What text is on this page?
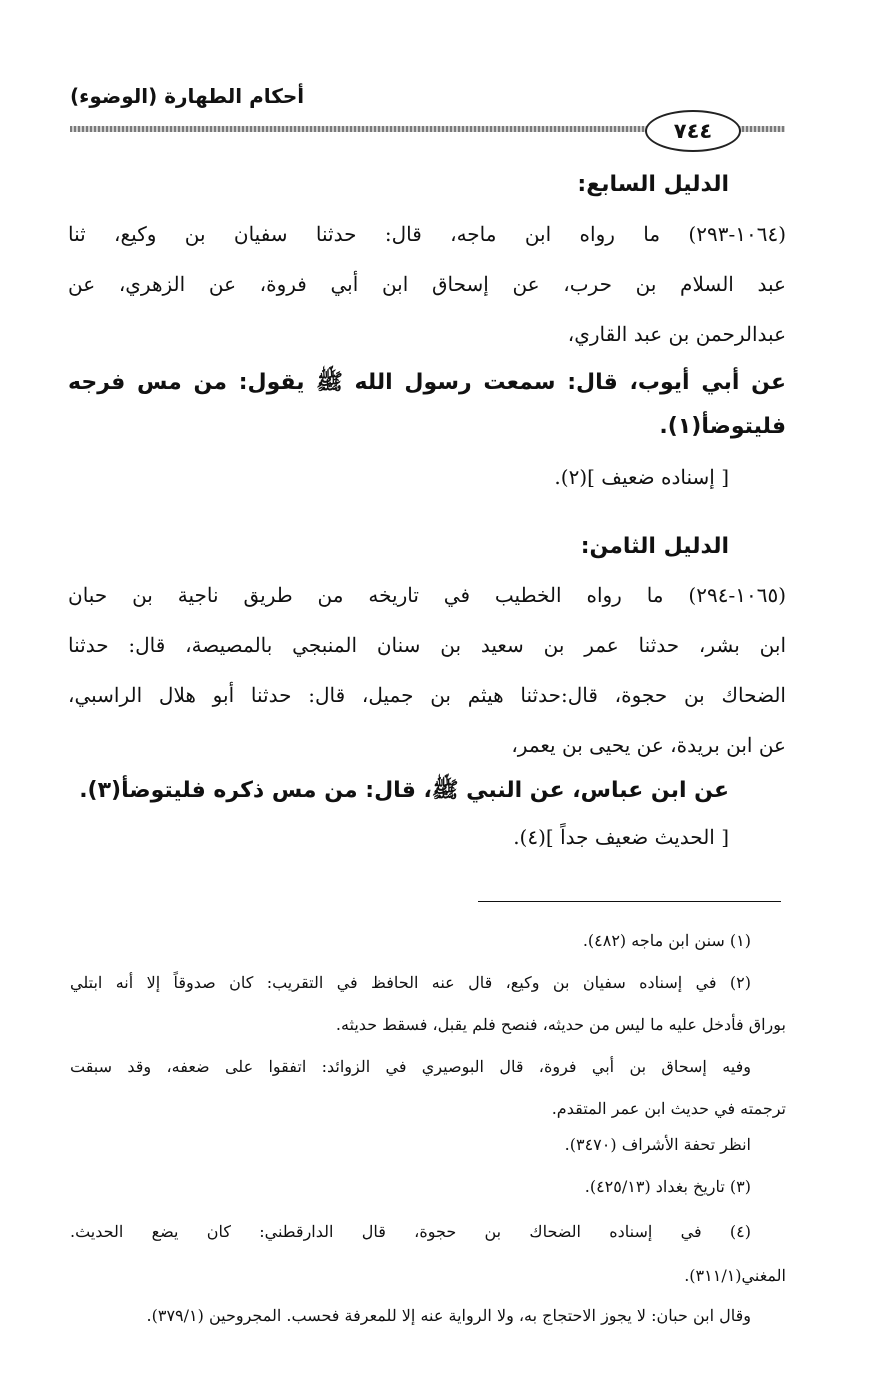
أحكام الطهارة (الوضوء)
٧٤٤
الدليل السابع:
(١٠٦٤-٢٩٣) ما رواه ابن ماجه، قال: حدثنا سفيان بن وكيع، ثنا
عبد السلام بن حرب، عن إسحاق ابن أبي فروة، عن الزهري، عن
عبدالرحمن بن عبد القاري،
عن أبي أيوب، قال: سمعت رسول الله ﷺ يقول: من مس فرجه
فليتوضأ(١).
[ إسناده ضعيف ](٢).
الدليل الثامن:
(١٠٦٥-٢٩٤) ما رواه الخطيب في تاريخه من طريق ناجية بن حبان
ابن بشر، حدثنا عمر بن سعيد بن سنان المنبجي بالمصيصة، قال: حدثنا
الضحاك بن حجوة، قال:حدثنا هيثم بن جميل، قال: حدثنا أبو هلال الراسبي،
عن ابن بريدة، عن يحيى بن يعمر،
عن ابن عباس، عن النبي ﷺ، قال: من مس ذكره فليتوضأ(٣).
[ الحديث ضعيف جداً ](٤).
(١) سنن ابن ماجه (٤٨٢).
(٢) في إسناده سفيان بن وكيع، قال عنه الحافظ في التقريب: كان صدوقاً إلا أنه ابتلي
بوراق فأدخل عليه ما ليس من حديثه، فنصح فلم يقبل، فسقط حديثه.
وفيه إسحاق بن أبي فروة، قال البوصيري في الزوائد: اتفقوا على ضعفه، وقد سبقت
ترجمته في حديث ابن عمر المتقدم.
انظر تحفة الأشراف (٣٤٧٠).
(٣) تاريخ بغداد (٤٢٥/١٣).
(٤) في إسناده الضحاك بن حجوة، قال الدارقطني: كان يضع الحديث.
المغني(٣١١/١).
وقال ابن حبان: لا يجوز الاحتجاج به، ولا الرواية عنه إلا للمعرفة فحسب. المجروحين (٣٧٩/١).
